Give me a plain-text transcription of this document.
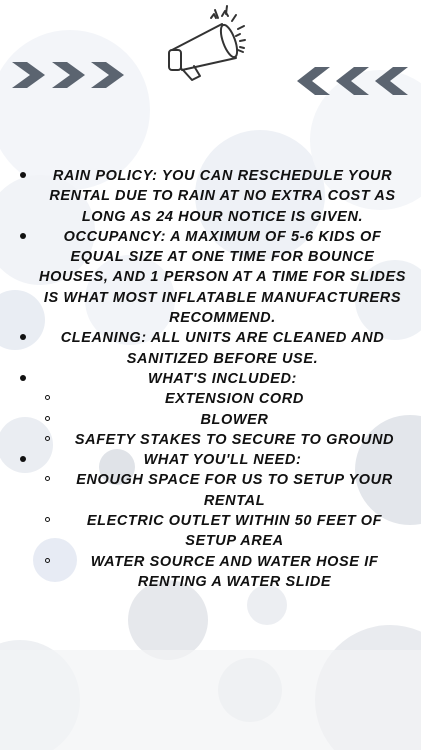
RAIN POLICY: YOU CAN RESCHEDULE YOUR RENTAL DUE TO RAIN AT NO EXTRA COST AS LONG AS 24 HOUR NOTICE IS GIVEN.
OCCUPANCY: A MAXIMUM OF 5-6 KIDS OF EQUAL SIZE AT ONE TIME FOR BOUNCE HOUSES, AND 1 PERSON AT A TIME FOR SLIDES IS WHAT MOST INFLATABLE MANUFACTURERS RECOMMEND.
CLEANING: ALL UNITS ARE CLEANED AND SANITIZED BEFORE USE.
WHAT'S INCLUDED:
EXTENSION CORD
BLOWER
SAFETY STAKES TO SECURE TO GROUND
WHAT YOU'LL NEED:
ENOUGH SPACE FOR US TO SETUP YOUR RENTAL
ELECTRIC OUTLET WITHIN 50 FEET OF SETUP AREA
WATER SOURCE AND WATER HOSE IF RENTING A WATER SLIDE
